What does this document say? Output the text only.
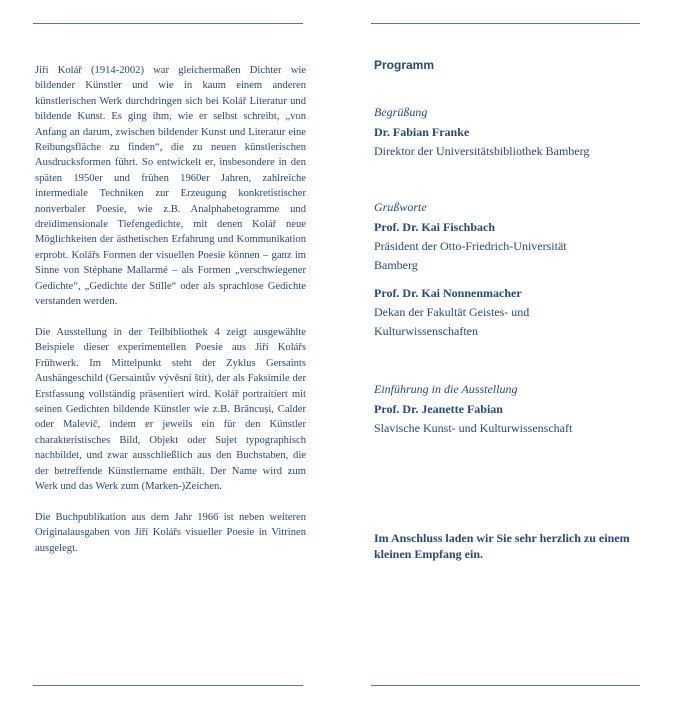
Jiří Kolář (1914-2002) war gleichermaßen Dichter wie bildender Künstler und wie in kaum einem anderen künstlerischen Werk durchdringen sich bei Kolář Literatur und bildende Kunst. Es ging ihm, wie er selbst schreibt, „von Anfang an darum, zwischen bildender Kunst und Literatur eine Reibungsfläche zu finden“, die zu neuen künstlerischen Ausdrucksformen führt. So entwickelt er, insbesondere in den späten 1950er und frühen 1960er Jahren, zahlreiche intermediale Techniken zur Erzeugung konkretistischer nonverbaler Poesie, wie z.B. Analphabetogramme und dreidimensionale Tiefengedichte, mit denen Kolář neue Möglichkeiten der ästhetischen Erfahrung und Kommunikation erprobt. Kolářs Formen der visuellen Poesie können – ganz im Sinne von Stéphane Mallarmé – als Formen „verschwiegener Gedichte“, „Gedichte der Stille“ oder als sprachlose Gedichte verstanden werden.

Die Ausstellung in der Teilbibliothek 4 zeigt ausgewählte Beispiele dieser experimentellen Poesie aus Jiří Kolářs Frühwerk. Im Mittelpunkt steht der Zyklus Gersaints Aushängeschild (Gersaintův vývěsní štít), der als Faksimile der Erstfassung vollständig präsentiert wird. Kolář portraitiert mit seinen Gedichten bildende Künstler wie z.B. Brâncuși, Calder oder Malevič, indem er jeweils ein für den Künstler charakteristisches Bild, Objekt oder Sujet typographisch nachbildet, und zwar ausschließlich aus den Buchstaben, die der betreffende Künstlername enthält. Der Name wird zum Werk und das Werk zum (Marken-)Zeichen.

Die Buchpublikation aus dem Jahr 1966 ist neben weiteren Originalausgaben von Jiří Kolářs visueller Poesie in Vitrinen ausgelegt.

Programm

Begrüßung

Dr. Fabian Franke

Direktor der Universitätsbibliothek Bamberg

Grußworte

Prof. Dr. Kai Fischbach

Präsident der Otto-Friedrich-Universität

Bamberg

Prof. Dr. Kai Nonnenmacher

Dekan der Fakultät Geistes- und

Kulturwissenschaften

Einführung in die Ausstellung

Prof. Dr. Jeanette Fabian

Slavische Kunst- und Kulturwissenschaft

Im Anschluss laden wir Sie sehr herzlich zu einem kleinen Empfang ein.
